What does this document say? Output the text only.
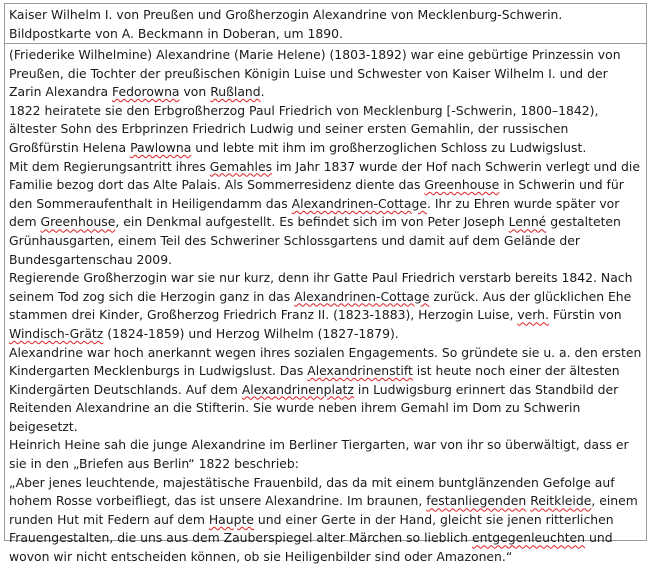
Kaiser Wilhelm I. von Preußen und Großherzogin Alexandrine von Mecklenburg-Schwerin. Bildpostkarte von A. Beckmann in Doberan, um 1890.

(Friederike Wilhelmine) Alexandrine (Marie Helene) (1803-1892) war eine gebürtige Prinzessin von Preußen, die Tochter der preußischen Königin Luise und Schwester von Kaiser Wilhelm I. und der Zarin Alexandra Fedorowna von Rußland.

1822 heiratete sie den Erbgroßherzog Paul Friedrich von Mecklenburg [-Schwerin, 1800–1842), ältester Sohn des Erbprinzen Friedrich Ludwig und seiner ersten Gemahlin, der russischen Großfürstin Helena Pawlowna und lebte mit ihm im großherzoglichen Schloss zu Ludwigslust.

Mit dem Regierungsantritt ihres Gemahles im Jahr 1837 wurde der Hof nach Schwerin verlegt und die Familie bezog dort das Alte Palais. Als Sommerresidenz diente das Greenhouse in Schwerin und für den Sommeraufenthalt in Heiligendamm das Alexandrinen-Cottage. Ihr zu Ehren wurde später vor dem Greenhouse, ein Denkmal aufgestellt. Es befindet sich im von Peter Joseph Lenné gestalteten Grünhausgarten, einem Teil des Schweriner Schlossgartens und damit auf dem Gelände der Bundesgartenschau 2009.

Regierende Großherzogin war sie nur kurz, denn ihr Gatte Paul Friedrich verstarb bereits 1842. Nach seinem Tod zog sich die Herzogin ganz in das Alexandrinen-Cottage zurück. Aus der glücklichen Ehe stammen drei Kinder, Großherzog Friedrich Franz II. (1823-1883), Herzogin Luise, verh. Fürstin von Windisch-Grätz (1824-1859) und Herzog Wilhelm (1827-1879).

Alexandrine war hoch anerkannt wegen ihres sozialen Engagements. So gründete sie u. a. den ersten Kindergarten Mecklenburgs in Ludwigslust. Das Alexandrinenstift ist heute noch einer der ältesten Kindergärten Deutschlands. Auf dem Alexandrinenplatz in Ludwigsburg erinnert das Standbild der Reitenden Alexandrine an die Stifterin. Sie wurde neben ihrem Gemahl im Dom zu Schwerin beigesetzt.

Heinrich Heine sah die junge Alexandrine im Berliner Tiergarten, war von ihr so überwältigt, dass er sie in den „Briefen aus Berlin“ 1822 beschrieb:

„Aber jenes leuchtende, majestätische Frauenbild, das da mit einem buntglänzenden Gefolge auf hohem Rosse vorbeifliegt, das ist unsere Alexandrine. Im braunen, festanliegenden Reitkleide, einem runden Hut mit Federn auf dem Haupte und einer Gerte in der Hand, gleicht sie jenen ritterlichen Frauengestalten, die uns aus dem Zauberspiegel alter Märchen so lieblich entgegenleuchten und wovon wir nicht entscheiden können, ob sie Heiligenbilder sind oder Amazonen.“
